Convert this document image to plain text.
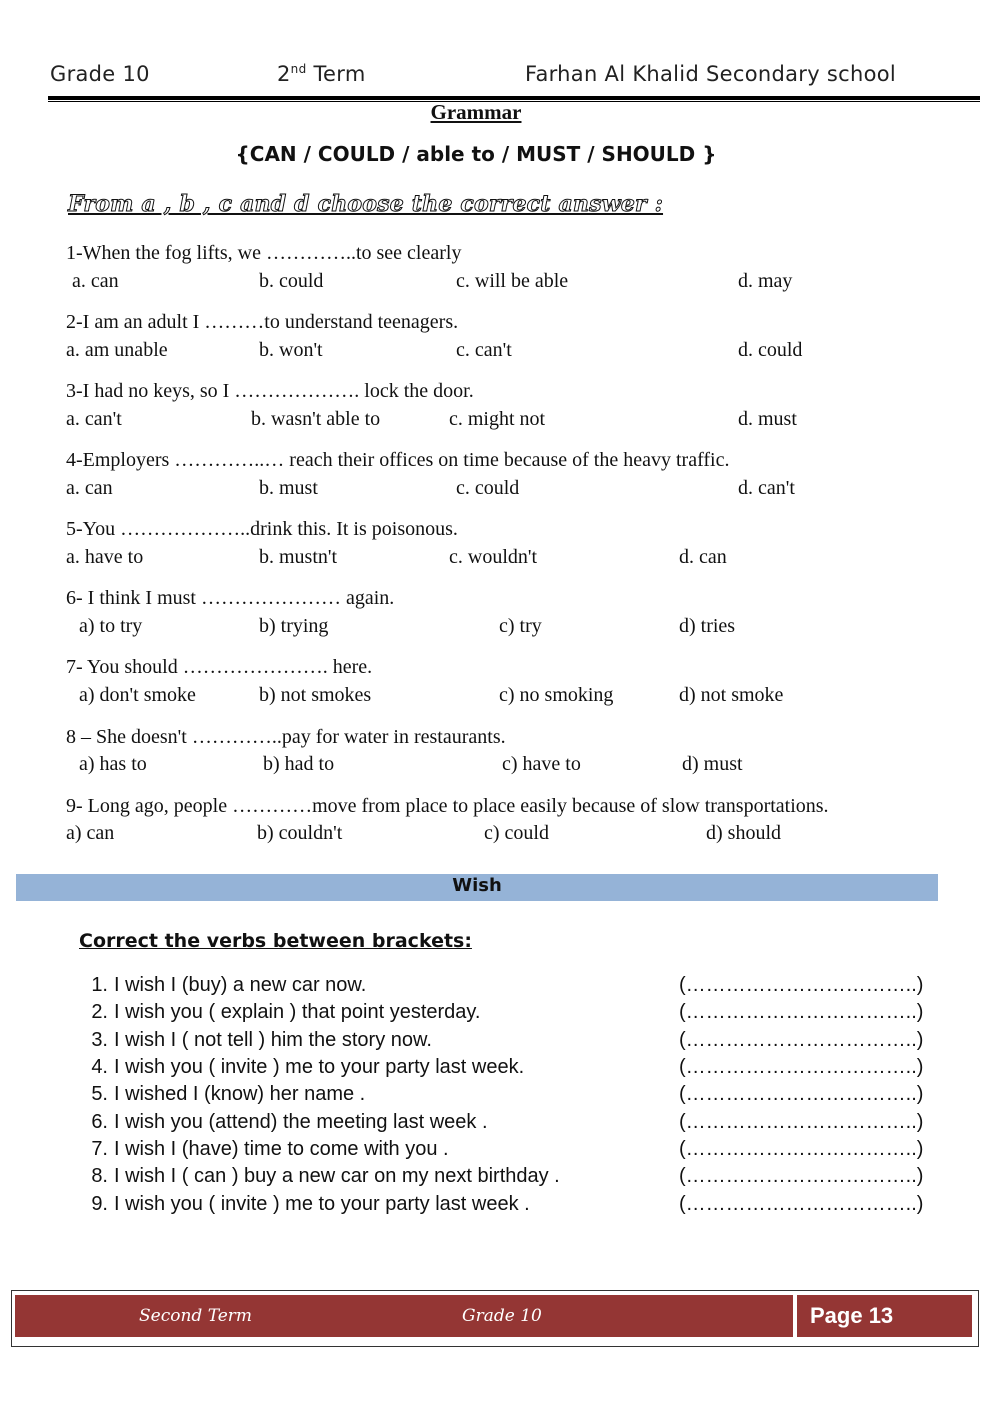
Grade 10	2nd Term	Farhan Al Khalid Secondary school
Grammar
{CAN / COULD / able to / MUST / SHOULD }
From a , b , c and d choose the correct answer :
1-When the fog lifts, we …………..to see clearly
a. can	b. could	c. will be able	d. may
2-I am an adult I ………to understand teenagers.
a. am unable	b. won't	c. can't	d. could
3-I had no keys, so I ………………. lock the door.
a. can't	b. wasn't able to	c. might not	d. must
4-Employers …………..… reach their offices on time because of the heavy traffic.
a. can	b. must	c. could	d. can't
5-You ………………..drink this. It is poisonous.
a. have to	b. mustn't	c. wouldn't	d. can
6- I think I must ………………… again.
a) to try	b) trying	c) try	d) tries
7- You should …………………. here.
a) don't smoke	b) not smokes	c) no smoking	d) not smoke
8 – She doesn't …………..pay for water in restaurants.
a) has to	b) had to	c) have to	d) must
9- Long ago, people …………move from place to place easily because of slow transportations.
a) can	b) couldn't	c) could	d) should
Wish
Correct the verbs between brackets:
1. I wish I (buy) a new car now.	(……………………………..)
2. I wish you ( explain ) that point yesterday.	(……………………………..)
3. I wish I ( not tell ) him the story now.	(……………………………..)
4. I wish you ( invite ) me to your party last week.	(……………………………..)
5. I wished I (know) her name .	(……………………………..)
6. I wish you (attend) the meeting last week .	(……………………………..)
7. I wish I (have) time to come with you .	(……………………………..)
8. I wish I ( can ) buy a new car on my next birthday .	(……………………………..)
9. I wish you ( invite ) me to your party last week .	(……………………………..)
Second Term	Grade 10	Page 13
